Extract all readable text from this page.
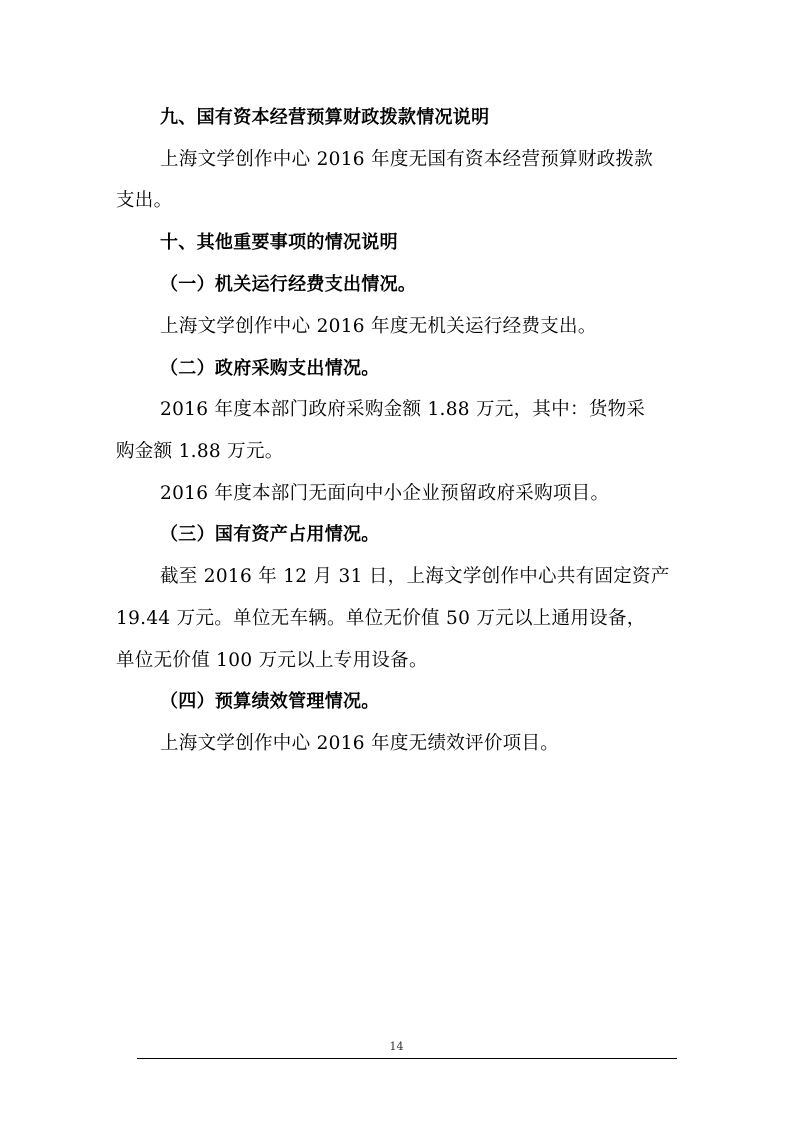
九、国有资本经营预算财政拨款情况说明
上海文学创作中心 2016 年度无国有资本经营预算财政拨款
支出。
十、其他重要事项的情况说明
（一）机关运行经费支出情况。
上海文学创作中心 2016 年度无机关运行经费支出。
（二）政府采购支出情况。
2016 年度本部门政府采购金额 1.88 万元，其中：货物采
购金额 1.88 万元。
2016 年度本部门无面向中小企业预留政府采购项目。
（三）国有资产占用情况。
截至 2016 年 12 月 31 日，上海文学创作中心共有固定资产
19.44 万元。单位无车辆。单位无价值 50 万元以上通用设备，
单位无价值 100 万元以上专用设备。
（四）预算绩效管理情况。
上海文学创作中心 2016 年度无绩效评价项目。
14
